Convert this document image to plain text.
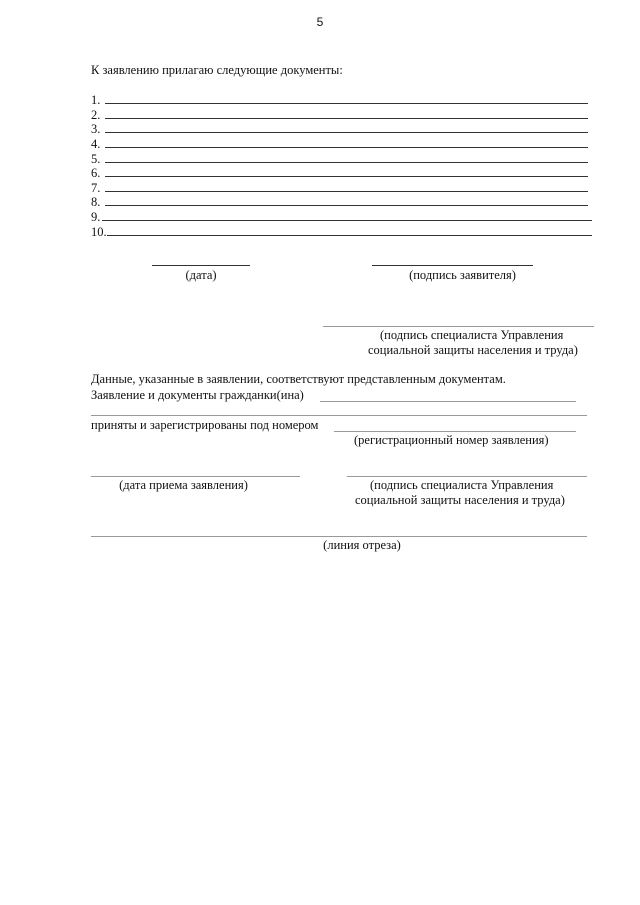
5
К заявлению прилагаю следующие документы:
1.
2.
3.
4.
5.
6.
7.
8.
9.
10.
(дата)	(подпись заявителя)
(подпись специалиста Управления
социальной защиты населения и труда)
Данные, указанные в заявлении, соответствуют представленным документам.
Заявление и документы гражданки(ина)
приняты и зарегистрированы под номером
(регистрационный номер заявления)
(дата приема заявления)	(подпись специалиста Управления
социальной защиты населения и труда)
(линия отреза)
